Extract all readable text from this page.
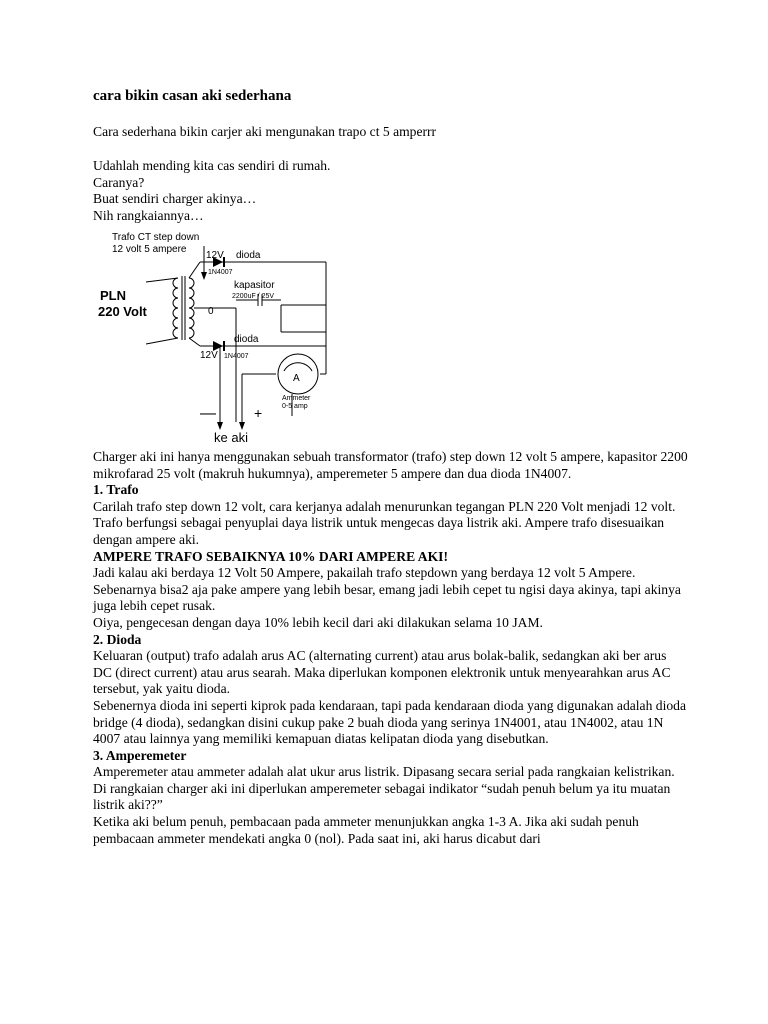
cara bikin casan aki sederhana

Cara sederhana bikin carjer aki mengunakan trapo ct 5 amperrr

Udahlah mending kita cas sendiri di rumah.

Caranya?

Buat sendiri charger akinya…

Nih rangkaiannya…

Charger aki ini hanya menggunakan sebuah transformator (trafo) step down 12 volt 5 ampere, kapasitor 2200 mikrofarad 25 volt (makruh hukumnya), amperemeter 5 ampere dan dua dioda 1N4007.

1. Trafo

Carilah trafo step down 12 volt, cara kerjanya adalah menurunkan tegangan PLN 220 Volt menjadi 12 volt. Trafo berfungsi sebagai penyuplai daya listrik untuk mengecas daya listrik aki. Ampere trafo disesuaikan dengan ampere aki.

AMPERE TRAFO SEBAIKNYA 10% DARI AMPERE AKI!

Jadi kalau aki berdaya 12 Volt 50 Ampere, pakailah trafo stepdown yang berdaya 12 volt 5 Ampere.

Sebenarnya bisa2 aja pake ampere yang lebih besar, emang jadi lebih cepet tu ngisi daya akinya, tapi akinya juga lebih cepet rusak.

Oiya, pengecesan dengan daya 10% lebih kecil dari aki dilakukan selama 10 JAM.

2. Dioda

Keluaran (output) trafo adalah arus AC (alternating current) atau arus bolak-balik, sedangkan aki ber arus DC (direct current) atau arus searah. Maka diperlukan komponen elektronik untuk menyearahkan arus AC tersebut, yak yaitu dioda.

Sebenernya dioda ini seperti kiprok pada kendaraan, tapi pada kendaraan dioda yang digunakan adalah dioda bridge (4 dioda), sedangkan disini cukup pake 2 buah dioda yang serinya 1N4001, atau 1N4002, atau 1N 4007 atau lainnya yang memiliki kemapuan diatas kelipatan dioda yang disebutkan.

3. Amperemeter

Amperemeter atau ammeter adalah alat ukur arus listrik. Dipasang secara serial pada rangkaian kelistrikan.

Di rangkaian charger aki ini diperlukan amperemeter sebagai indikator “sudah penuh belum ya itu muatan listrik aki??”

Ketika aki belum penuh, pembacaan pada ammeter menunjukkan angka 1-3 A. Jika aki sudah penuh pembacaan ammeter mendekati angka 0 (nol). Pada saat ini, aki harus dicabut dari

Trafo CT step down
12 volt 5 ampere
PLN
220 Volt
12V dioda
1N4007
kapasitor
2200uF / 25V
0
dioda
12V 1N4007
A
Ammeter
0-5 amp
—	+
ke aki
